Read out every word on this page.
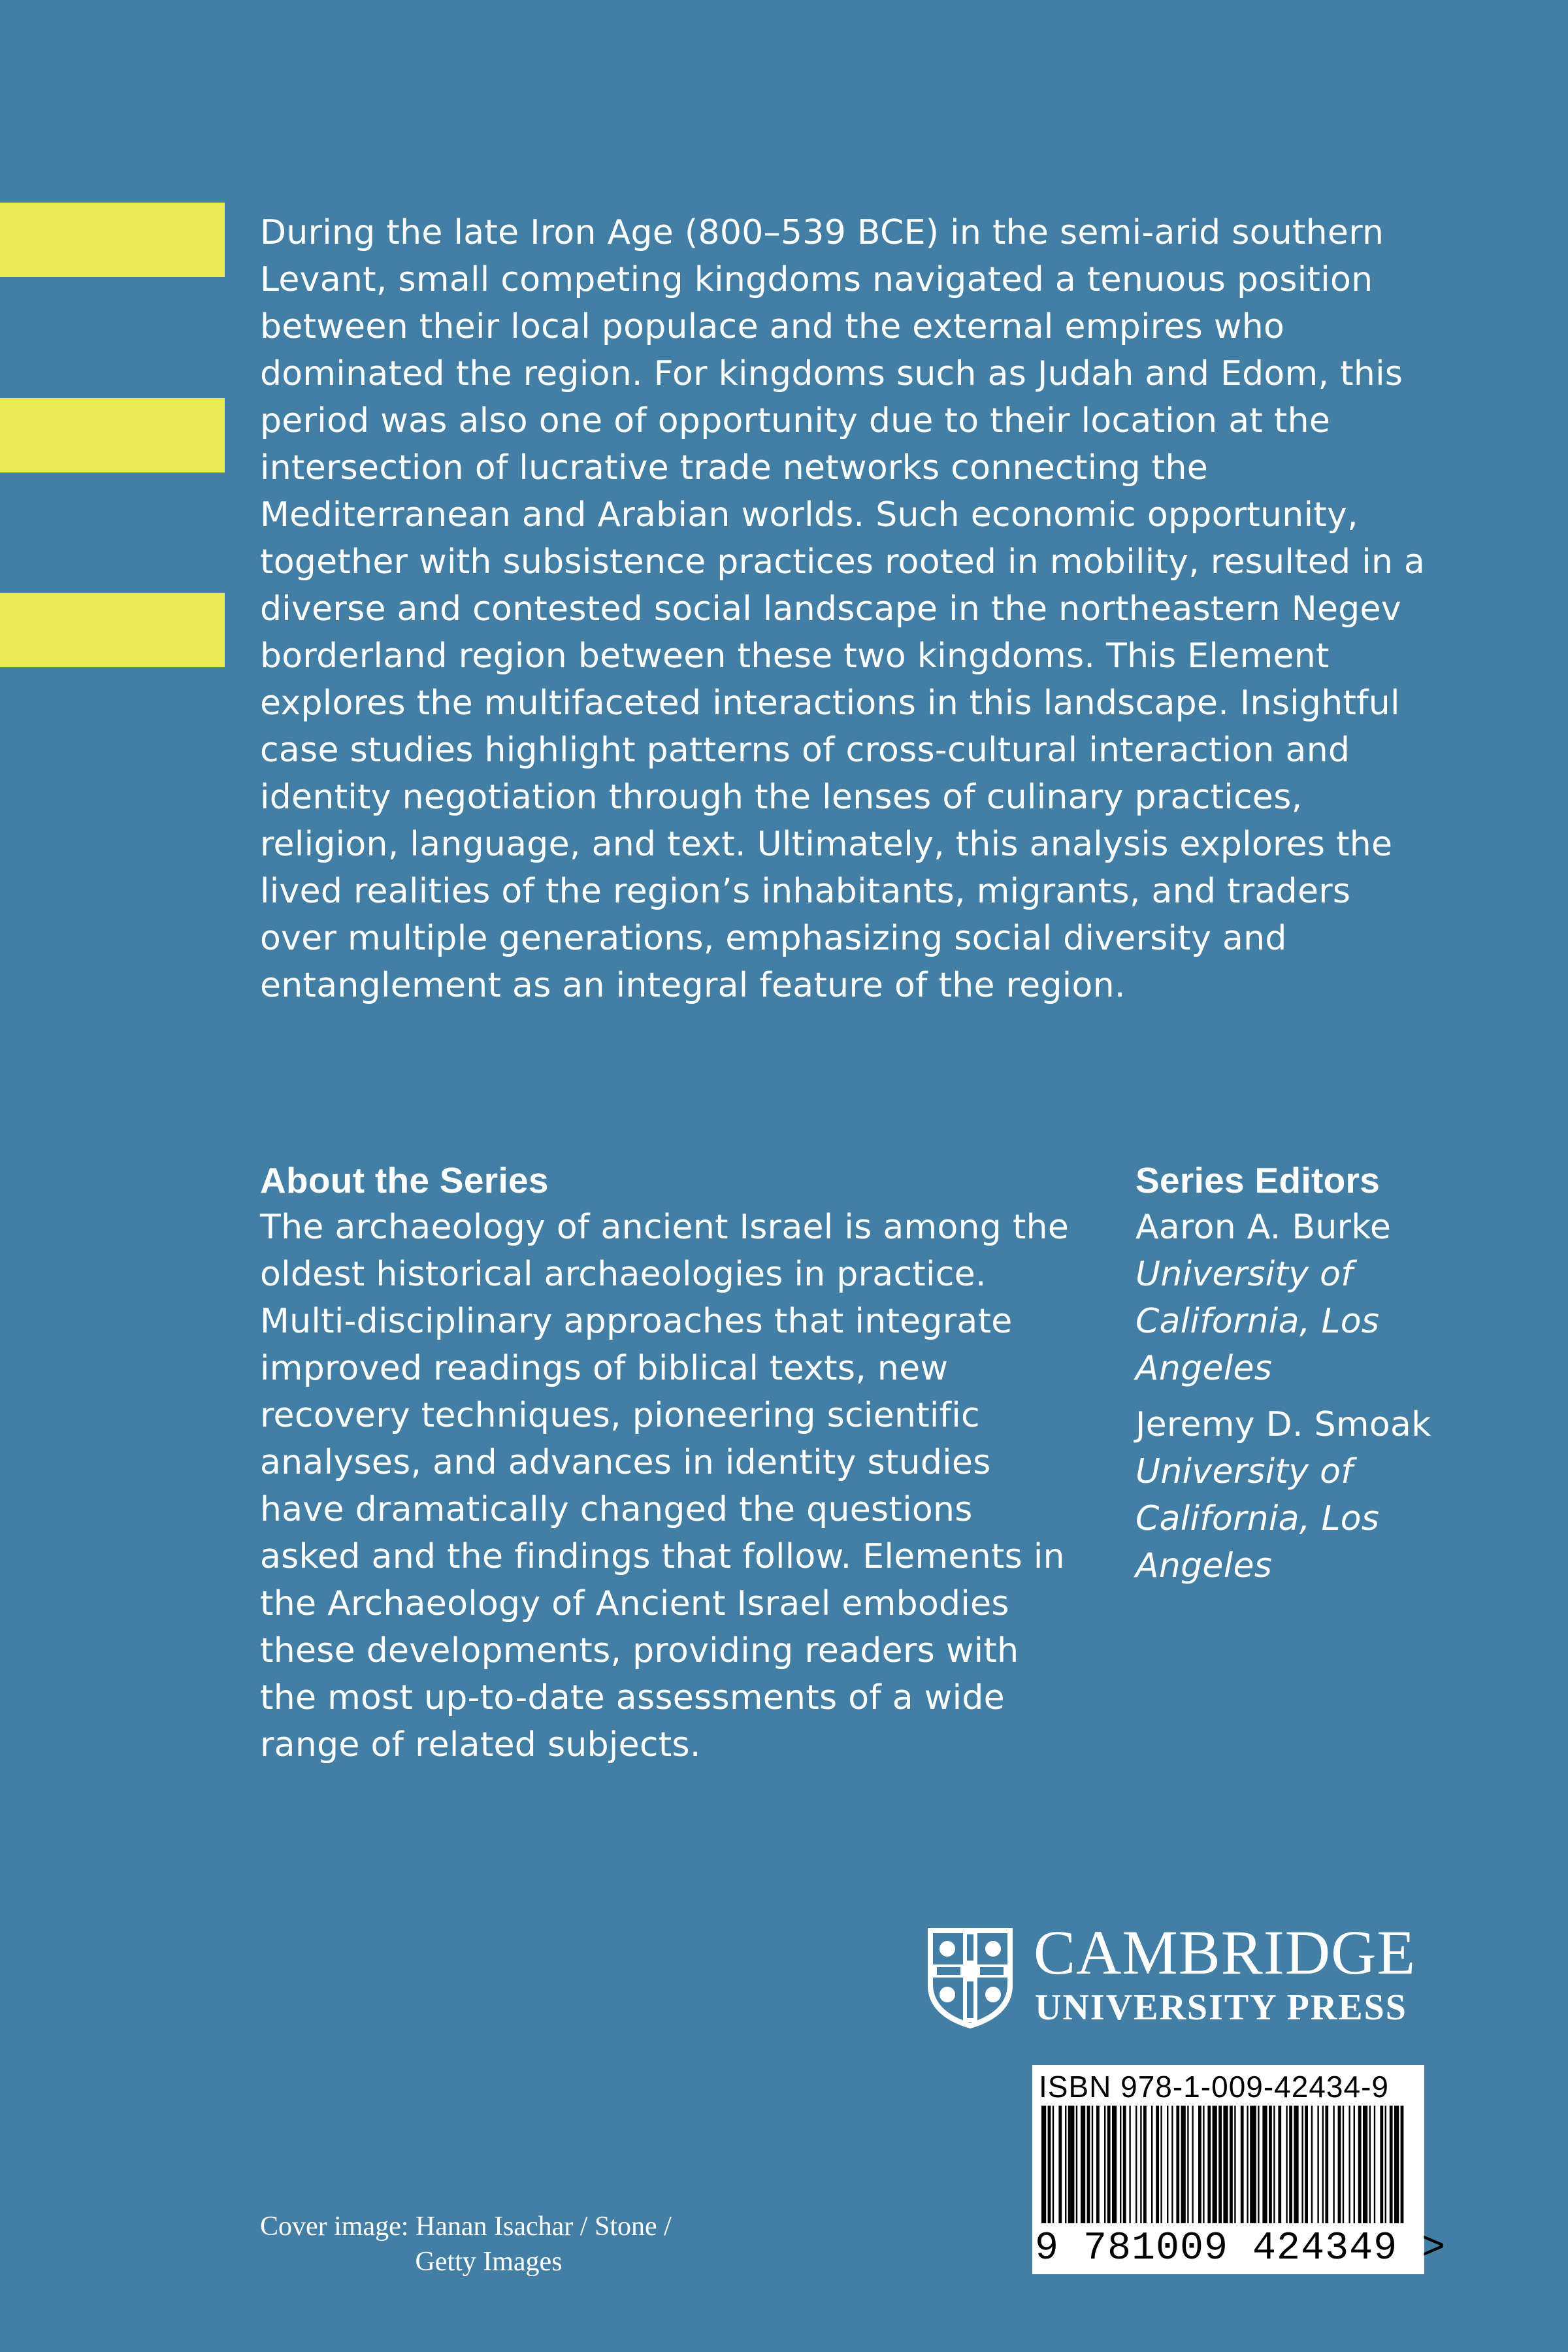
During the late Iron Age (800–539 BCE) in the semi-arid southern Levant, small competing kingdoms navigated a tenuous position between their local populace and the external empires who dominated the region. For kingdoms such as Judah and Edom, this period was also one of opportunity due to their location at the intersection of lucrative trade networks connecting the Mediterranean and Arabian worlds. Such economic opportunity, together with subsistence practices rooted in mobility, resulted in a diverse and contested social landscape in the northeastern Negev borderland region between these two kingdoms. This Element explores the multifaceted interactions in this landscape. Insightful case studies highlight patterns of cross-cultural interaction and identity negotiation through the lenses of culinary practices, religion, language, and text. Ultimately, this analysis explores the lived realities of the region’s inhabitants, migrants, and traders over multiple generations, emphasizing social diversity and entanglement as an integral feature of the region.

About the Series

The archaeology of ancient Israel is among the oldest historical archaeologies in practice. Multi-disciplinary approaches that integrate improved readings of biblical texts, new recovery techniques, pioneering scientific analyses, and advances in identity studies have dramatically changed the questions asked and the findings that follow. Elements in the Archaeology of Ancient Israel embodies these developments, providing readers with the most up-to-date assessments of a wide range of related subjects.

Series Editors
Aaron A. Burke
University of California, Los Angeles
Jeremy D. Smoak
University of California, Los Angeles
CAMBRIDGE
UNIVERSITY PRESS
ISBN 978-1-009-42434-9
9 781009 424349 >
Cover image: Hanan Isachar / Stone /
Getty Images
